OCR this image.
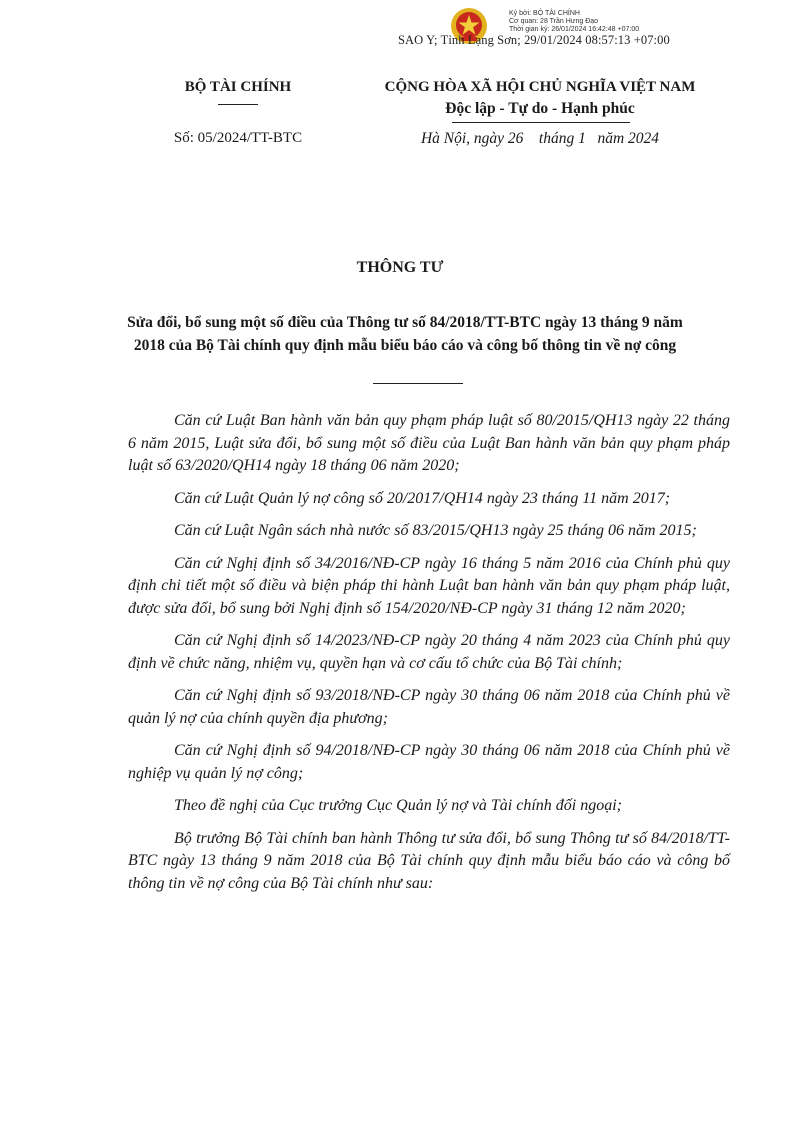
Ký bởi: BỘ TÀI CHÍNH
Cơ quan: 28 Trần Hưng Đạo
Thời gian ký: 26/01/2024 16:42:48 +07:00
SAO Y; Tỉnh Lạng Sơn; 29/01/2024 08:57:13 +07:00
BỘ TÀI CHÍNH
Số: 05/2024/TT-BTC
CỘNG HÒA XÃ HỘI CHỦ NGHĨA VIỆT NAM
Độc lập - Tự do - Hạnh phúc
Hà Nội, ngày 26    tháng 1   năm 2024
THÔNG TƯ
Sửa đổi, bổ sung một số điều của Thông tư số 84/2018/TT-BTC ngày 13 tháng 9 năm 2018 của Bộ Tài chính quy định mẫu biểu báo cáo và công bố thông tin về nợ công

Căn cứ Luật Ban hành văn bản quy phạm pháp luật số 80/2015/QH13 ngày 22 tháng 6 năm 2015, Luật sửa đổi, bổ sung một số điều của Luật Ban hành văn bản quy phạm pháp luật số 63/2020/QH14 ngày 18 tháng 06 năm 2020;

Căn cứ Luật Quản lý nợ công số 20/2017/QH14 ngày 23 tháng 11 năm 2017;

Căn cứ Luật Ngân sách nhà nước số 83/2015/QH13 ngày 25 tháng 06 năm 2015;

Căn cứ Nghị định số 34/2016/NĐ-CP ngày 16 tháng 5 năm 2016 của Chính phủ quy định chi tiết một số điều và biện pháp thi hành Luật ban hành văn bản quy phạm pháp luật, được sửa đổi, bổ sung bởi Nghị định số 154/2020/NĐ-CP ngày 31 tháng 12 năm 2020;

Căn cứ Nghị định số 14/2023/NĐ-CP ngày 20 tháng 4 năm 2023 của Chính phủ quy định về chức năng, nhiệm vụ, quyền hạn và cơ cấu tổ chức của Bộ Tài chính;

Căn cứ Nghị định số 93/2018/NĐ-CP ngày 30 tháng 06 năm 2018 của Chính phủ về quản lý nợ của chính quyền địa phương;

Căn cứ Nghị định số 94/2018/NĐ-CP ngày 30 tháng 06 năm 2018 của Chính phủ về nghiệp vụ quản lý nợ công;

Theo đề nghị của Cục trưởng Cục Quản lý nợ và Tài chính đối ngoại;

Bộ trưởng Bộ Tài chính ban hành Thông tư sửa đổi, bổ sung Thông tư số 84/2018/TT-BTC ngày 13 tháng 9 năm 2018 của Bộ Tài chính quy định mẫu biểu báo cáo và công bố thông tin về nợ công của Bộ Tài chính như sau:
